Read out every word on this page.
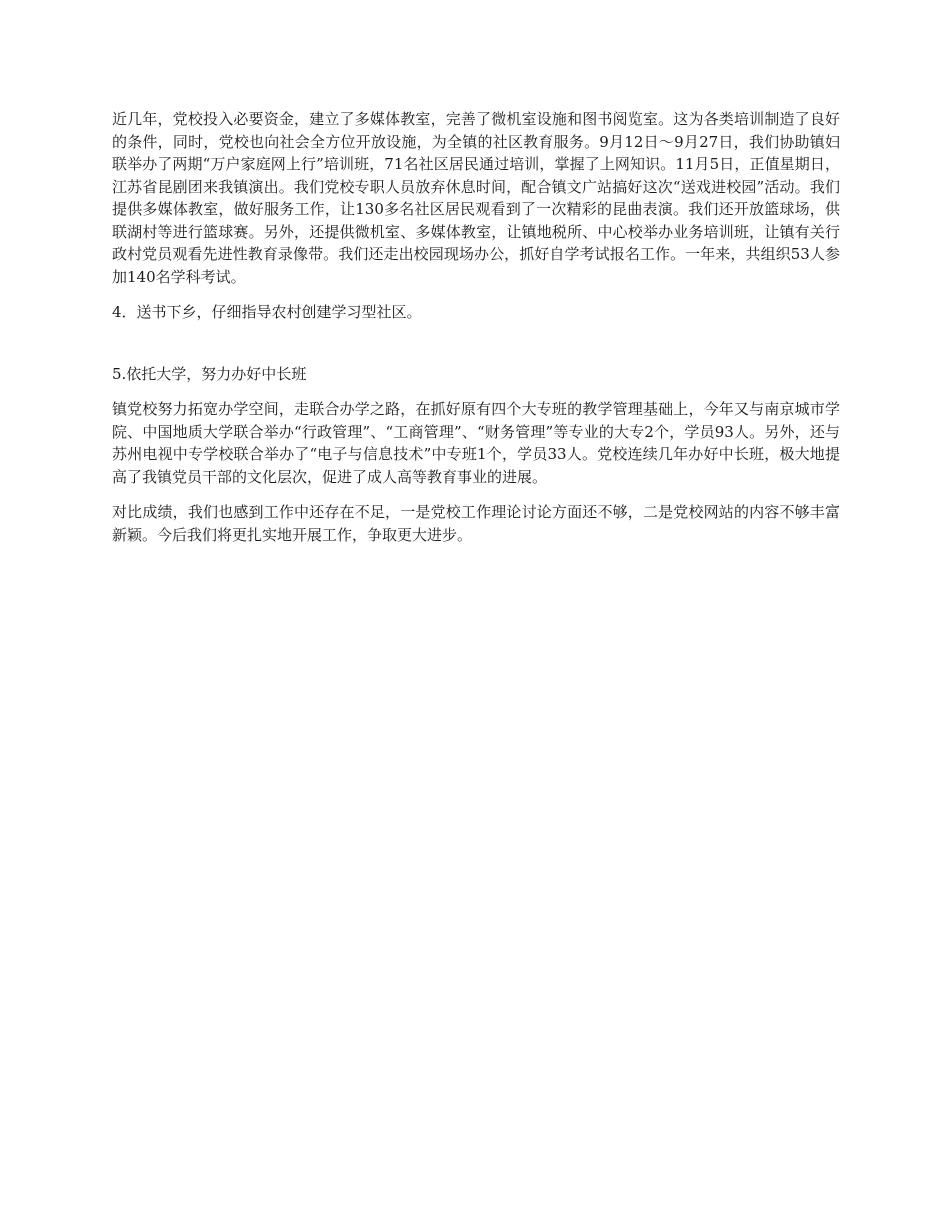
近几年，党校投入必要资金，建立了多媒体教室，完善了微机室设施和图书阅览室。这为各类培训制造了良好的条件，同时，党校也向社会全方位开放设施，为全镇的社区教育服务。9月12日～9月27日，我们协助镇妇联举办了两期“万户家庭网上行”培训班，71名社区居民通过培训，掌握了上网知识。11月5日，正值星期日，江苏省昆剧团来我镇演出。我们党校专职人员放弃休息时间，配合镇文广站搞好这次“送戏进校园”活动。我们提供多媒体教室，做好服务工作，让130多名社区居民观看到了一次精彩的昆曲表演。我们还开放篮球场，供联湖村等进行篮球赛。另外，还提供微机室、多媒体教室，让镇地税所、中心校举办业务培训班，让镇有关行政村党员观看先进性教育录像带。我们还走出校园现场办公，抓好自学考试报名工作。一年来，共组织53人参加140名学科考试。

4．送书下乡，仔细指导农村创建学习型社区。

5.依托大学，努力办好中长班

镇党校努力拓宽办学空间，走联合办学之路，在抓好原有四个大专班的教学管理基础上，今年又与南京城市学院、中国地质大学联合举办“行政管理”、“工商管理”、“财务管理”等专业的大专2个，学员93人。另外，还与苏州电视中专学校联合举办了“电子与信息技术”中专班1个，学员33人。党校连续几年办好中长班，极大地提高了我镇党员干部的文化层次，促进了成人高等教育事业的进展。

对比成绩，我们也感到工作中还存在不足，一是党校工作理论讨论方面还不够，二是党校网站的内容不够丰富新颖。今后我们将更扎实地开展工作，争取更大进步。
